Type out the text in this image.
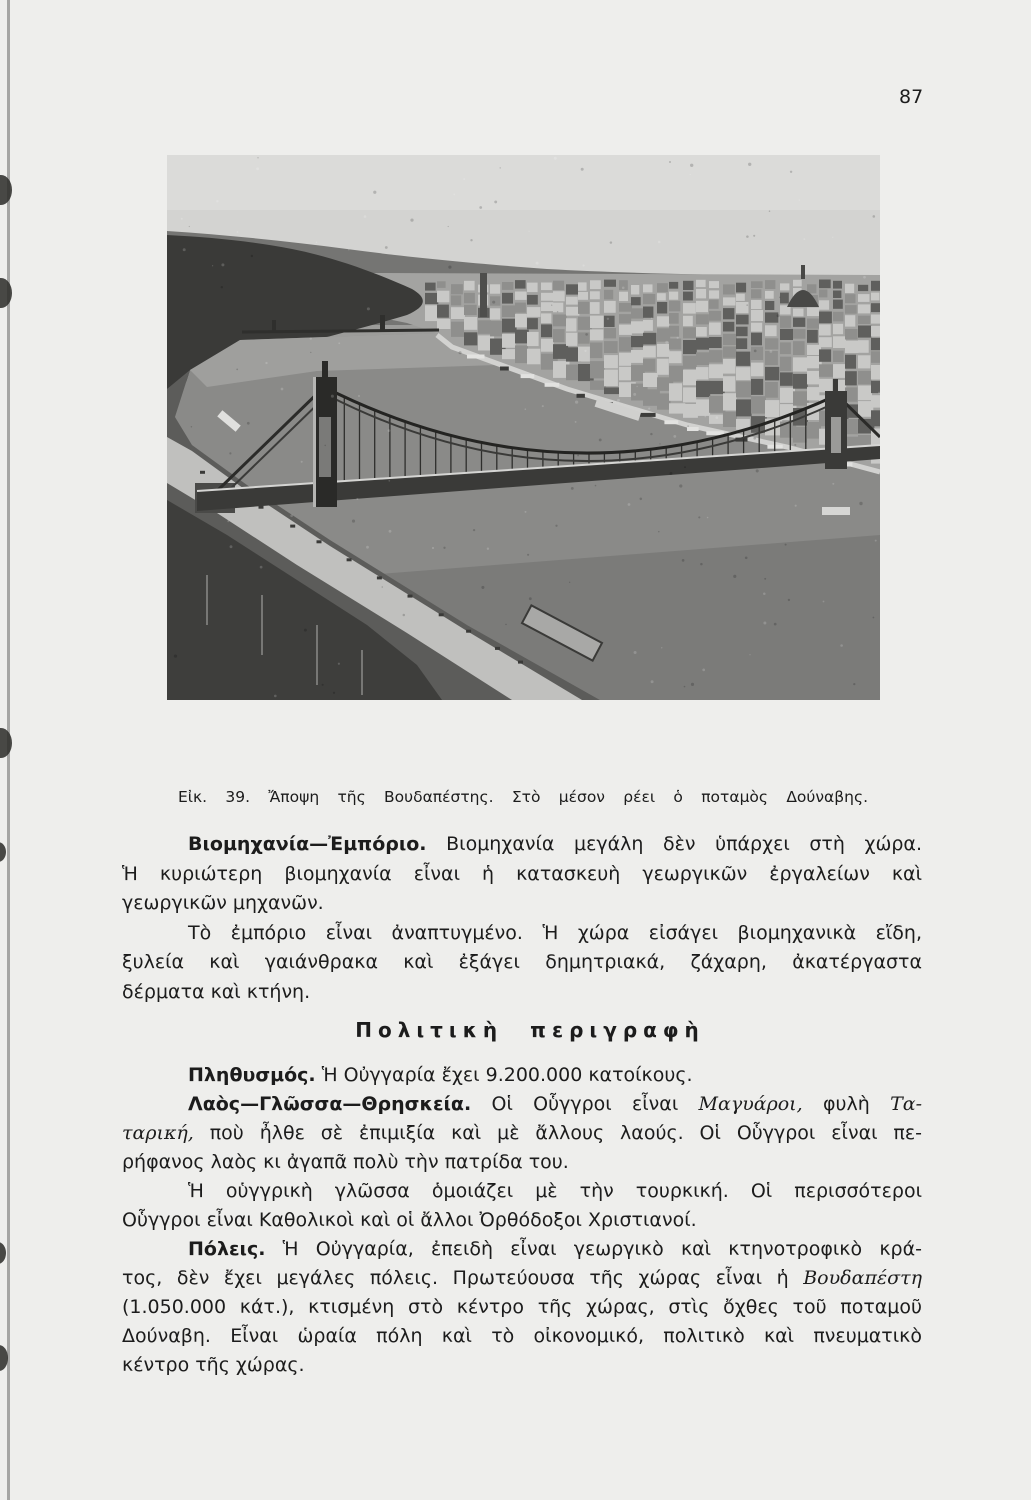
87
Εἰκ. 39. Ἄποψη τῆς Βουδαπέστης. Στὸ μέσον ρέει ὁ ποταμὸς Δούναβης.
Βιομηχανία—Ἐμπόριο. Βιομηχανία μεγάλη δὲν ὑπάρχει στὴ χώρα.
Ἡ κυριώτερη βιομηχανία εἶναι ἡ κατασκευὴ γεωργικῶν ἐργαλείων καὶ
γεωργικῶν μηχανῶν.
Τὸ ἐμπόριο εἶναι ἀναπτυγμένο. Ἡ χώρα εἰσάγει βιομηχανικὰ εἴδη,
ξυλεία καὶ γαιάνθρακα καὶ ἐξάγει δημητριακά, ζάχαρη, ἀκατέργαστα
δέρματα καὶ κτήνη.
Πολιτικὴ περιγραφὴ
Πληθυσμός. Ἡ Οὐγγαρία ἔχει 9.200.000 κατοίκους.
Λαὸς—Γλῶσσα—Θρησκεία. Οἱ Οὗγγροι εἶναι Μαγυάροι, φυλὴ Τα-
ταρική, ποὺ ἦλθε σὲ ἐπιμιξία καὶ μὲ ἄλλους λαούς. Οἱ Οὗγγροι εἶναι πε-
ρήφανος λαὸς κι ἀγαπᾶ πολὺ τὴν πατρίδα του.
Ἡ οὑγγρικὴ γλῶσσα ὁμοιάζει μὲ τὴν τουρκική. Οἱ περισσότεροι
Οὗγγροι εἶναι Καθολικοὶ καὶ οἱ ἄλλοι Ὀρθόδοξοι Χριστιανοί.
Πόλεις. Ἡ Οὐγγαρία, ἐπειδὴ εἶναι γεωργικὸ καὶ κτηνοτροφικὸ κρά-
τος, δὲν ἔχει μεγάλες πόλεις. Πρωτεύουσα τῆς χώρας εἶναι ἡ Βουδαπέστη
(1.050.000 κάτ.), κτισμένη στὸ κέντρο τῆς χώρας, στὶς ὄχθες τοῦ ποταμοῦ
Δούναβη. Εἶναι ὡραία πόλη καὶ τὸ οἰκονομικό, πολιτικὸ καὶ πνευματικὸ
κέντρο τῆς χώρας.
